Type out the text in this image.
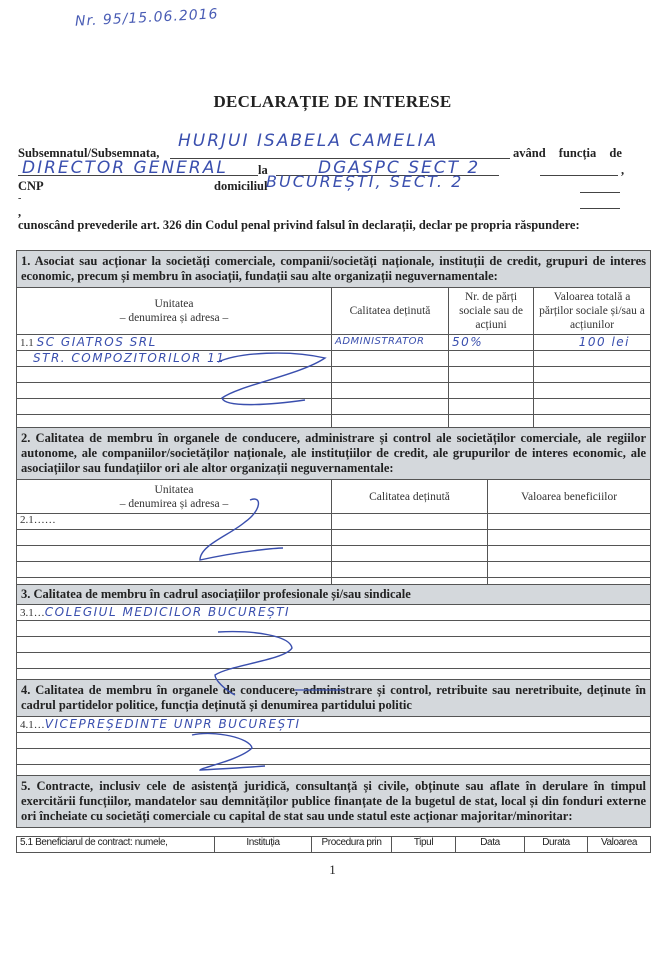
Nr. 95/15.06.2016
DECLARAȚIE DE INTERESE
Subsemnatul/Subsemnata,
HURJUI ISABELA CAMELIA
având funcția de
DIRECTOR GENERAL la	DGASPC SECT 2	,
CNP	domiciliul
BUCUREȘTI, SECT. 2
-
,
cunoscând prevederile art. 326 din Codul penal privind falsul în declarații, declar pe propria răspundere:
1. Asociat sau acționar la societăți comerciale, companii/societăți naționale, instituții de credit, grupuri de interes economic, precum și membru în asociații, fundații sau alte organizații neguvernamentale:			

Unitatea
– denumirea și adresa –	Calitatea deținută	Nr. de părți sociale sau de acțiuni	Valoarea totală a părților sociale și/sau a acțiunilor
1.1 SC GIATROS SRL	ADMINISTRATOR	50%	100 lei
STR. COMPOZITORILOR 11			

2. Calitatea de membru în organele de conducere, administrare și control ale societăților comerciale, ale regiilor autonome, ale companiilor/societăților naționale, ale instituțiilor de credit, ale grupurilor de interes economic, ale asociațiilor sau fundațiilor ori ale altor organizații neguvernamentale:		

Unitatea
– denumirea și adresa –	Calitatea deținută	Valoarea beneficiilor
2.1……		

3. Calitatea de membru în cadrul asociațiilor profesionale și/sau sindicale
3.1…COLEGIUL MEDICILOR BUCUREȘTI

4. Calitatea de membru în organele de conducere, administrare și control, retribuite sau neretribuite, deținute în cadrul partidelor politice, funcția deținută și denumirea partidului politic
4.1…VICEPREȘEDINTE UNPR BUCUREȘTI

5. Contracte, inclusiv cele de asistență juridică, consultanță și civile, obținute sau aflate în derulare în timpul exercitării funcțiilor, mandatelor sau demnităților publice finanțate de la bugetul de stat, local și din fonduri externe ori încheiate cu societăți comerciale cu capital de stat sau unde statul este acționar majoritar/minoritar:
5.1 Beneficiarul de contract: numele,	Instituția	Procedura prin	Tipul	Data	Durata	Valoarea
1
